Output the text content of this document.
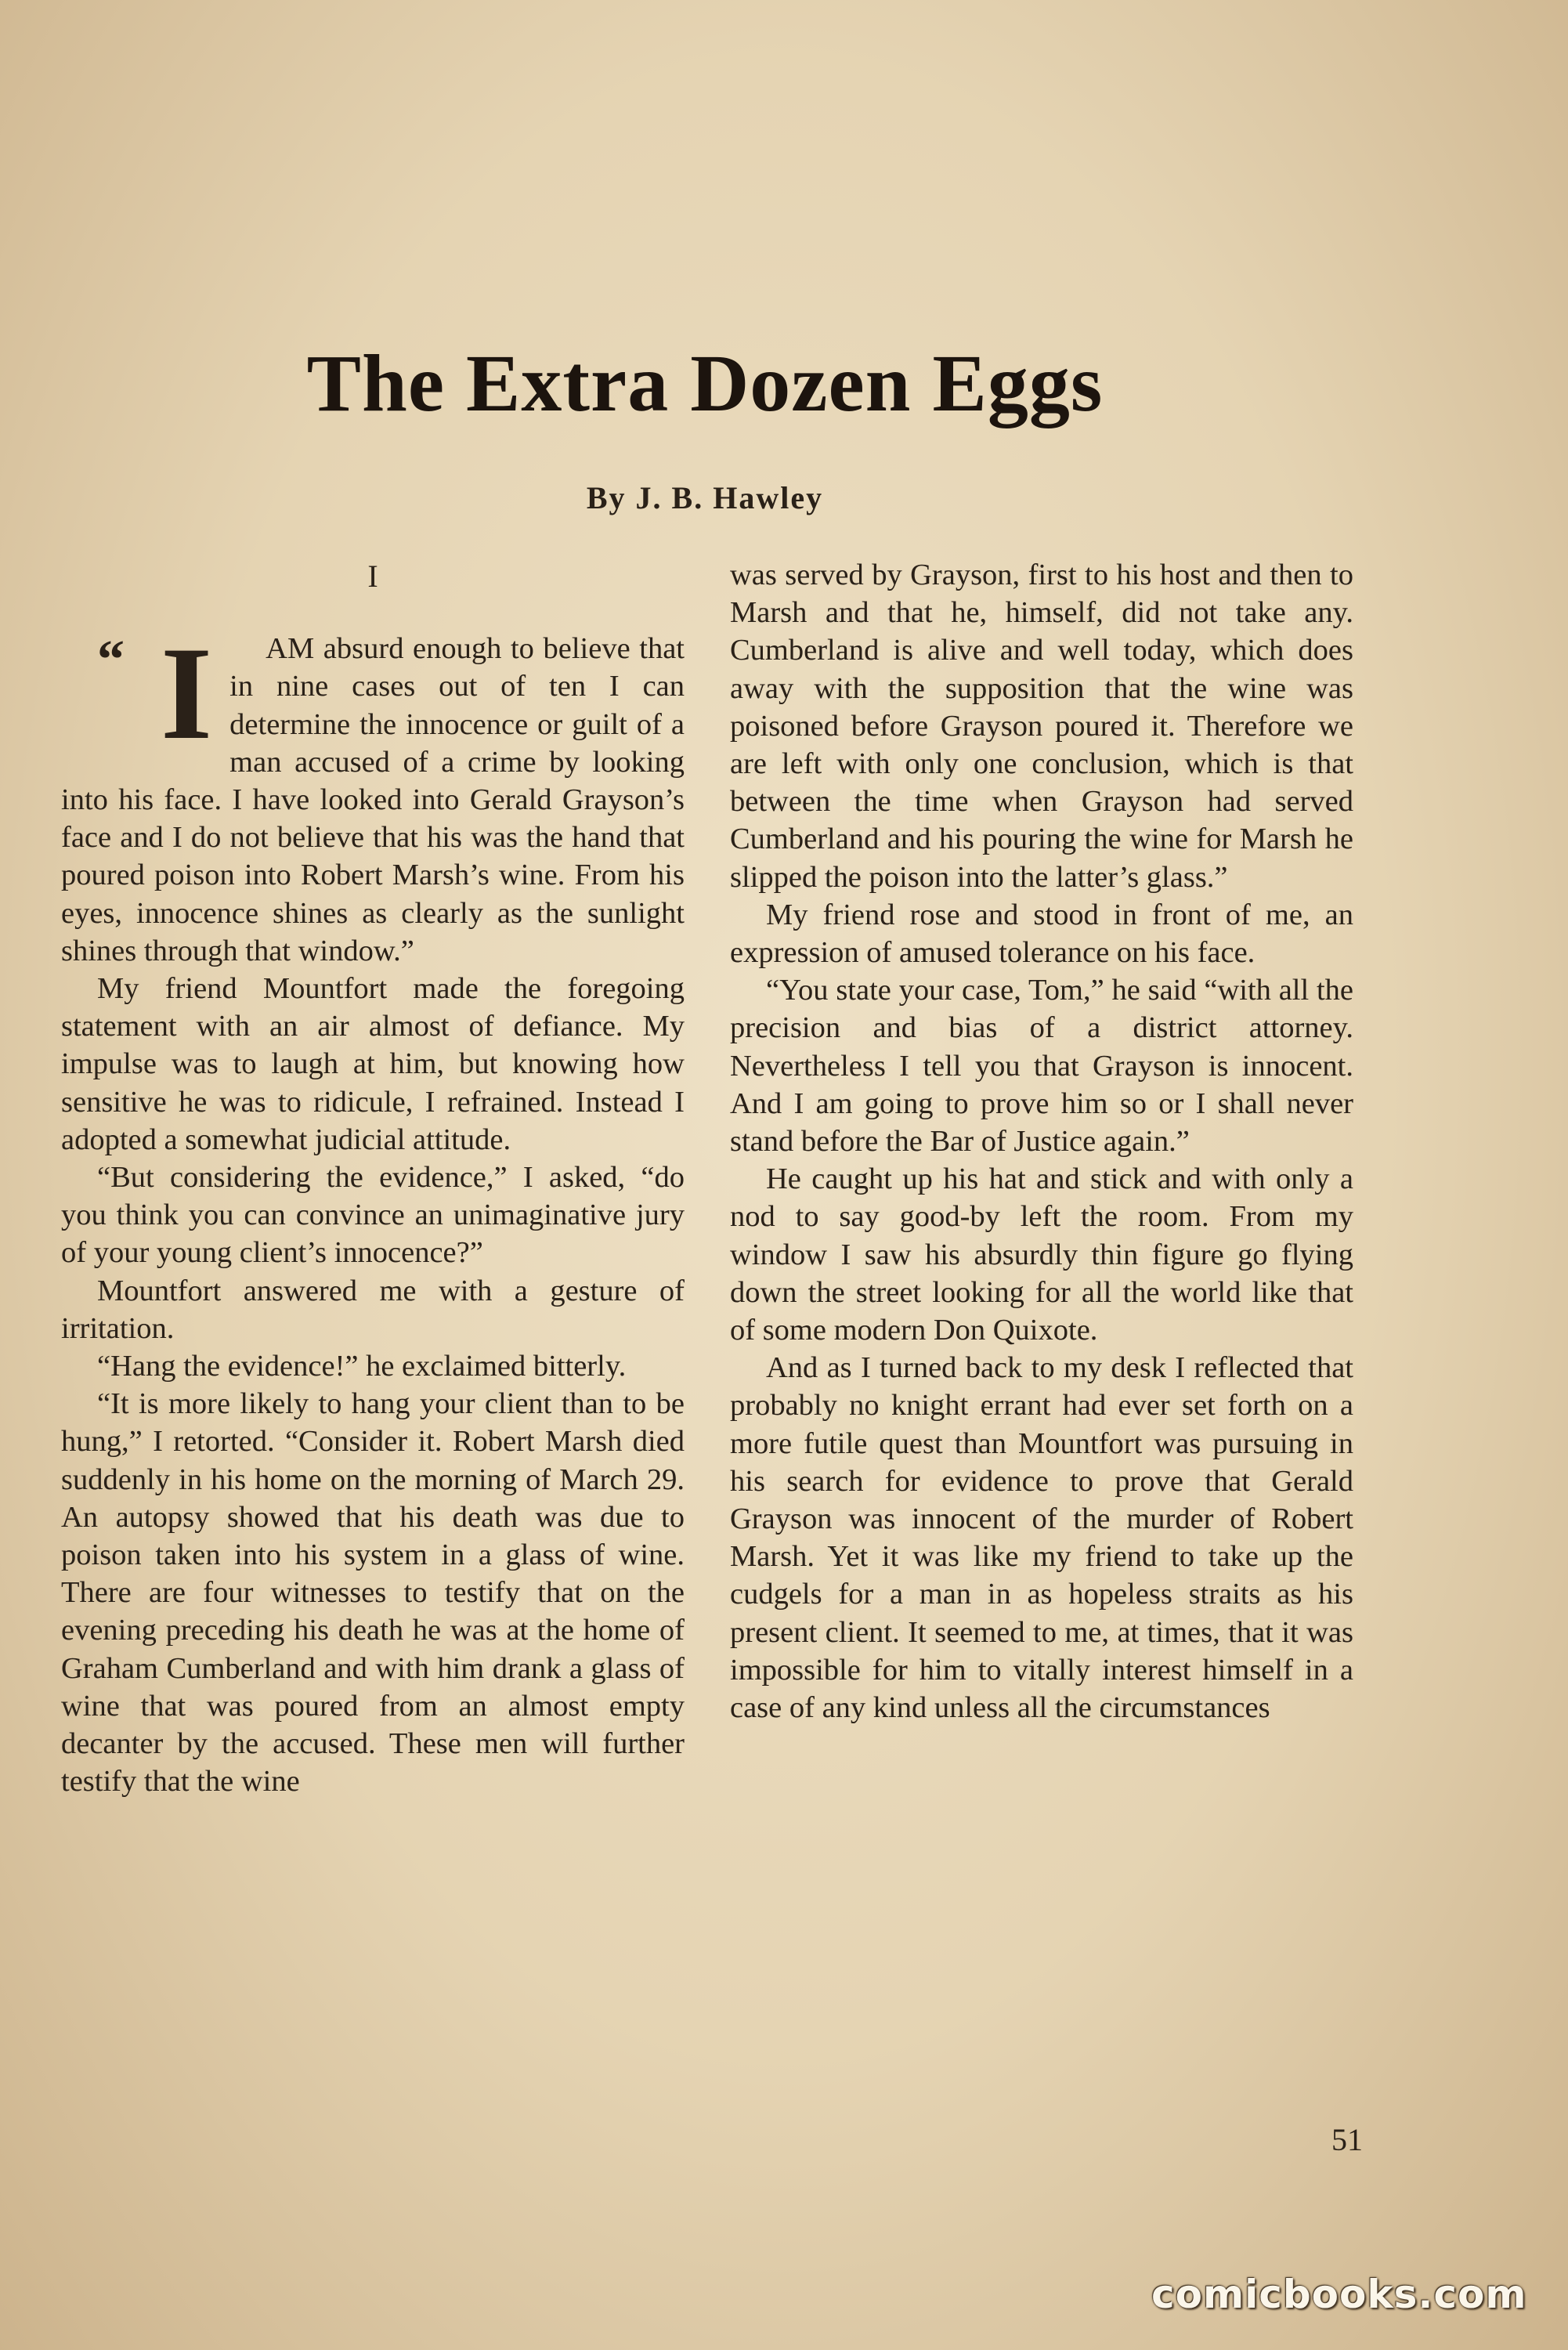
The Extra Dozen Eggs
By J. B. Hawley
I

“ I AM absurd enough to believe that in nine cases out of ten I can determine the innocence or guilt of a man accused of a crime by looking into his face. I have looked into Gerald Grayson’s face and I do not believe that his was the hand that poured poison into Robert Marsh’s wine. From his eyes, innocence shines as clearly as the sunlight shines through that window.”

My friend Mountfort made the foregoing statement with an air almost of defiance. My impulse was to laugh at him, but knowing how sensitive he was to ridicule, I refrained. Instead I adopted a somewhat judicial attitude.

“But considering the evidence,” I asked, “do you think you can convince an unimaginative jury of your young client’s innocence?”

Mountfort answered me with a gesture of irritation.

“Hang the evidence!” he exclaimed bitterly.

“It is more likely to hang your client than to be hung,” I retorted. “Consider it. Robert Marsh died suddenly in his home on the morning of March 29. An autopsy showed that his death was due to poison taken into his system in a glass of wine. There are four witnesses to testify that on the evening preceding his death he was at the home of Graham Cumberland and with him drank a glass of wine that was poured from an almost empty decanter by the accused. These men will further testify that the wine

was served by Grayson, first to his host and then to Marsh and that he, himself, did not take any. Cumberland is alive and well today, which does away with the supposition that the wine was poisoned before Grayson poured it. Therefore we are left with only one conclusion, which is that between the time when Grayson had served Cumberland and his pouring the wine for Marsh he slipped the poison into the latter’s glass.”

My friend rose and stood in front of me, an expression of amused tolerance on his face.

“You state your case, Tom,” he said “with all the precision and bias of a district attorney. Nevertheless I tell you that Grayson is innocent. And I am going to prove him so or I shall never stand before the Bar of Justice again.”

He caught up his hat and stick and with only a nod to say good-by left the room. From my window I saw his absurdly thin figure go flying down the street looking for all the world like that of some modern Don Quixote.

And as I turned back to my desk I reflected that probably no knight errant had ever set forth on a more futile quest than Mountfort was pursuing in his search for evidence to prove that Gerald Grayson was innocent of the murder of Robert Marsh. Yet it was like my friend to take up the cudgels for a man in as hopeless straits as his present client. It seemed to me, at times, that it was impossible for him to vitally interest himself in a case of any kind unless all the circumstances

51
comicbooks.com
